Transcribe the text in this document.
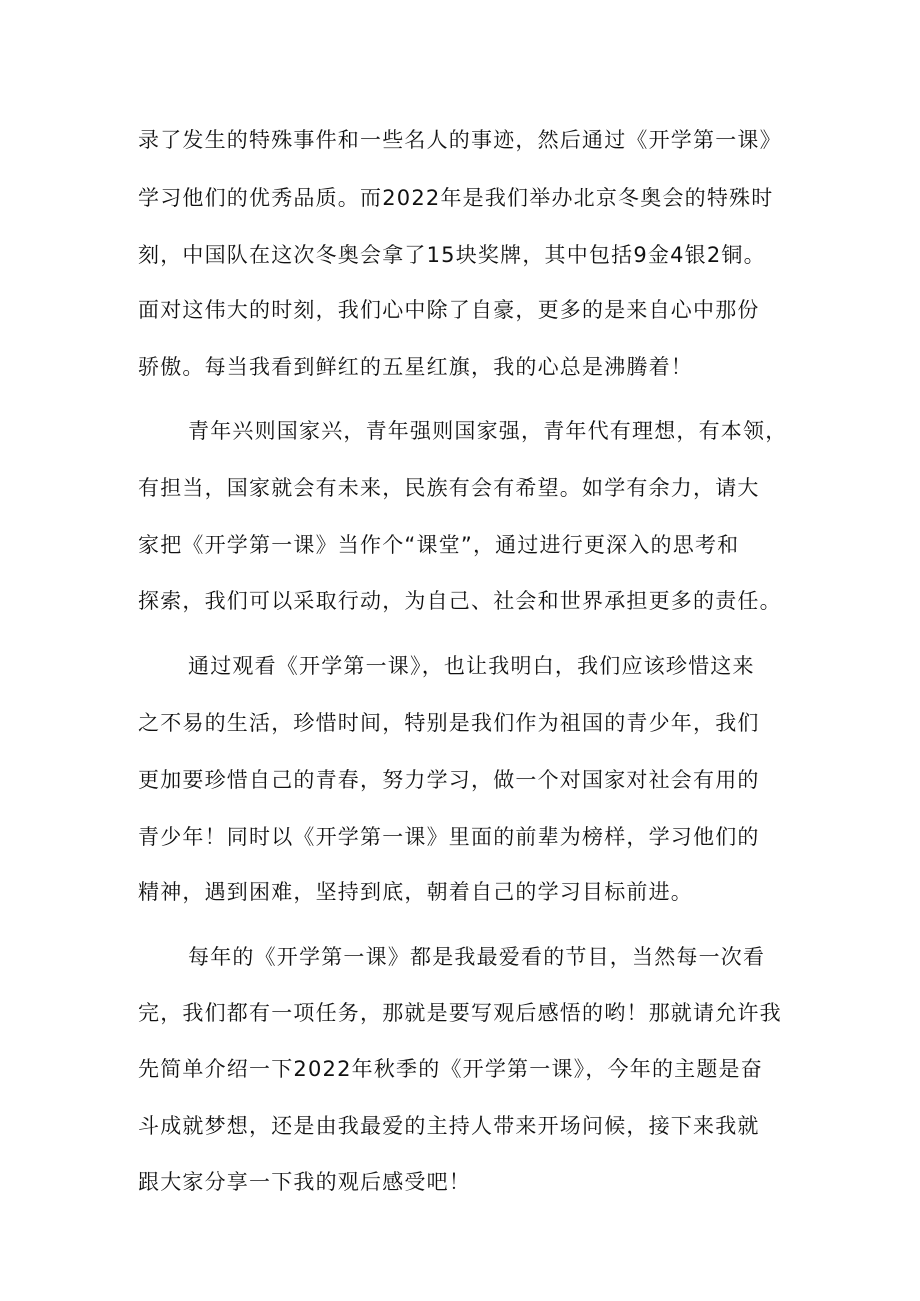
录了发生的特殊事件和一些名人的事迹，然后通过《开学第一课》
学习他们的优秀品质。而2022年是我们举办北京冬奥会的特殊时
刻，中国队在这次冬奥会拿了15块奖牌，其中包括9金4银2铜。
面对这伟大的时刻，我们心中除了自豪，更多的是来自心中那份
骄傲。每当我看到鲜红的五星红旗，我的心总是沸腾着！
青年兴则国家兴，青年强则国家强，青年代有理想，有本领，
有担当，国家就会有未来，民族有会有希望。如学有余力，请大
家把《开学第一课》当作个“课堂”，通过进行更深入的思考和
探索，我们可以采取行动，为自己、社会和世界承担更多的责任。
通过观看《开学第一课》，也让我明白，我们应该珍惜这来
之不易的生活，珍惜时间，特别是我们作为祖国的青少年，我们
更加要珍惜自己的青春，努力学习，做一个对国家对社会有用的
青少年！同时以《开学第一课》里面的前辈为榜样，学习他们的
精神，遇到困难，坚持到底，朝着自己的学习目标前进。
每年的《开学第一课》都是我最爱看的节目，当然每一次看
完，我们都有一项任务，那就是要写观后感悟的哟！那就请允许我
先简单介绍一下2022年秋季的《开学第一课》，今年的主题是奋
斗成就梦想，还是由我最爱的主持人带来开场问候，接下来我就
跟大家分享一下我的观后感受吧！
